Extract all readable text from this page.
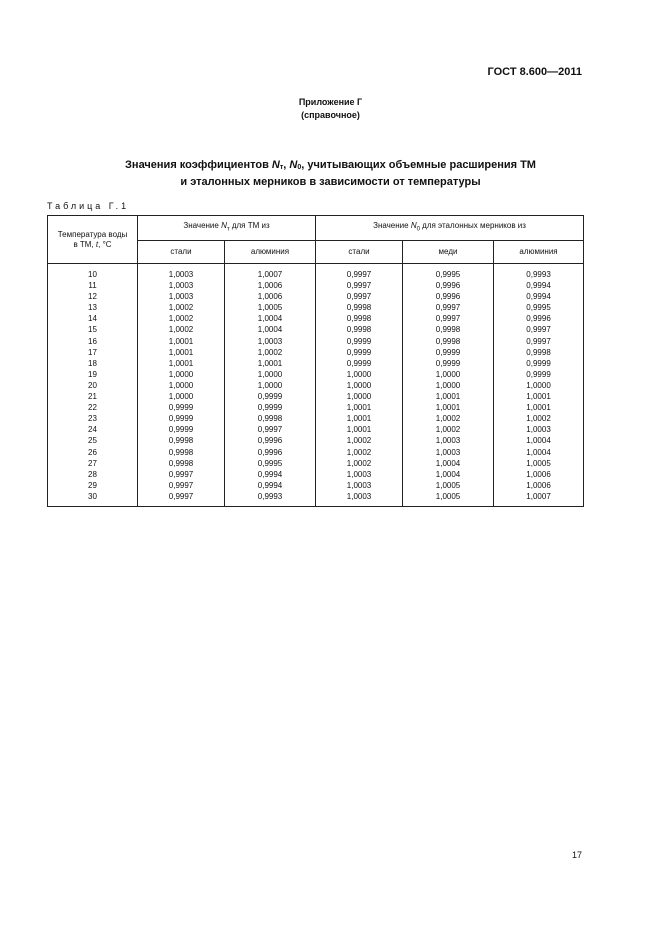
ГОСТ 8.600—2011
Приложение Г
(справочное)
Значения коэффициентов $N_т$, $N_0$, учитывающих объемные расширения ТМ
и эталонных мерников в зависимости от температуры
Таблица Г.1
Температура воды
в ТМ, t, °С	Значение $N_т$ для ТМ из		Значение $N_0$ для эталонных мерников из		
	стали	алюминия	стали	меди	алюминия
10	1,0003	1,0007	0,9997	0,9995	0,9993
11	1,0003	1,0006	0,9997	0,9996	0,9994
12	1,0003	1,0006	0,9997	0,9996	0,9994
13	1,0002	1,0005	0,9998	0,9997	0,9995
14	1,0002	1,0004	0,9998	0,9997	0,9996
15	1,0002	1,0004	0,9998	0,9998	0,9997
16	1,0001	1,0003	0,9999	0,9998	0,9997
17	1,0001	1,0002	0,9999	0,9999	0,9998
18	1,0001	1,0001	0,9999	0,9999	0,9999
19	1,0000	1,0000	1,0000	1,0000	0,9999
20	1,0000	1,0000	1,0000	1,0000	1,0000
21	1,0000	0,9999	1,0000	1,0001	1,0001
22	0,9999	0,9999	1,0001	1,0001	1,0001
23	0,9999	0,9998	1,0001	1,0002	1,0002
24	0,9999	0,9997	1,0001	1,0002	1,0003
25	0,9998	0,9996	1,0002	1,0003	1,0004
26	0,9998	0,9996	1,0002	1,0003	1,0004
27	0,9998	0,9995	1,0002	1,0004	1,0005
28	0,9997	0,9994	1,0003	1,0004	1,0006
29	0,9997	0,9994	1,0003	1,0005	1,0006
30	0,9997	0,9993	1,0003	1,0005	1,0007
17
